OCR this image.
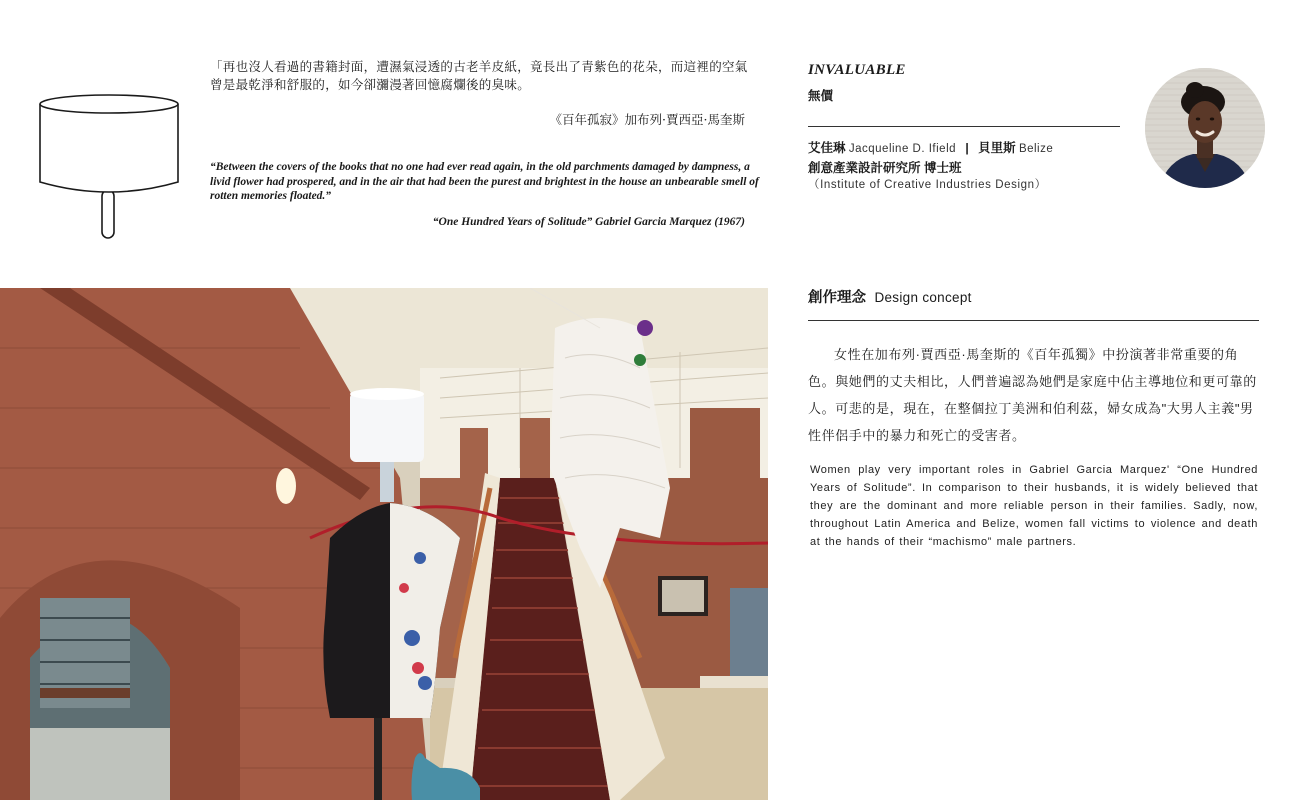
「再也沒人看過的書籍封面，遭濕氣浸透的古老羊皮紙，竟長出了青紫色的花朵，而這裡的空氣曾是最乾淨和舒服的，如今卻瀰漫著回憶腐爛後的臭味。
《百年孤寂》加布列·賈西亞·馬奎斯
“Between the covers of the books that no one had ever read again, in the old parchments damaged by dampness, a livid flower had prospered, and in the air that had been the purest and brightest in the house an unbearable smell of rotten memories floated.”
“One Hundred Years of Solitude” Gabriel Garcia Marquez (1967)
INVALUABLE
無價
艾佳琳 Jacqueline D. Ifield | 貝里斯 Belize
創意產業設計研究所 博士班
（Institute of Creative Industries Design）
創作理念 Design concept

女性在加布列·賈西亞·馬奎斯的《百年孤獨》中扮演著非常重要的角色。與她們的丈夫相比，人們普遍認為她們是家庭中佔主導地位和更可靠的人。可悲的是，現在，在整個拉丁美洲和伯利茲，婦女成為"大男人主義"男性伴侶手中的暴力和死亡的受害者。

Women play very important roles in Gabriel Garcia Marquez' “One Hundred Years of Solitude”. In comparison to their husbands, it is widely believed that they are the dominant and more reliable person in their families. Sadly, now, throughout Latin America and Belize, women fall victims to violence and death at the hands of their “machismo” male partners.
